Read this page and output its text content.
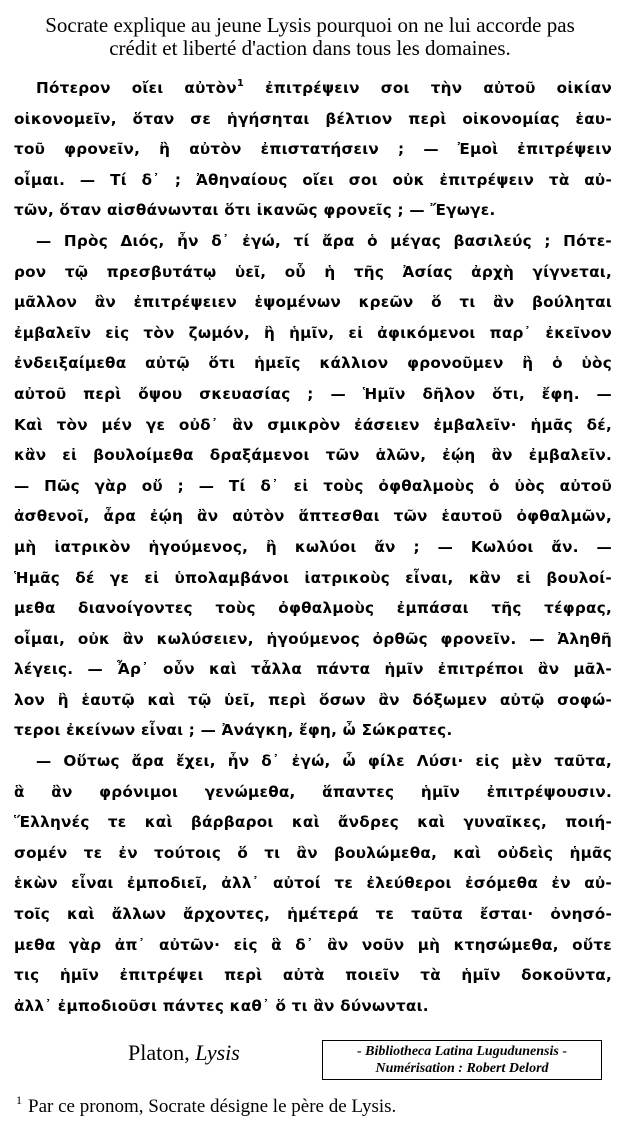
Socrate explique au jeune Lysis pourquoi on ne lui accorde pas
crédit et liberté d'action dans tous les domaines.
Πότερον οἴει αὐτὸν$^1$ ἐπιτρέψειν σοι τὴν αὐτοῦ οἰκίαν
οἰκονομεῖν, ὅταν σε ἡγήσηται βέλτιον περὶ οἰκονομίας ἑαυ-
τοῦ φρονεῖν, ἢ αὐτὸν ἐπιστατήσειν ; — Ἐμοὶ ἐπιτρέψειν
οἶμαι. — Τί δ᾽ ; Ἀθηναίους οἴει σοι οὐκ ἐπιτρέψειν τὰ αὐ-
τῶν, ὅταν αἰσθάνωνται ὅτι ἱκανῶς φρονεῖς ; — Ἔγωγε.
— Πρὸς Διός, ἦν δ᾽ ἐγώ, τί ἄρα ὁ μέγας βασιλεύς ; Πότε-
ρον τῷ πρεσβυτάτῳ ὑεῖ, οὗ ἡ τῆς Ἀσίας ἀρχὴ γίγνεται,
μᾶλλον ἂν ἐπιτρέψειεν ἑψομένων κρεῶν ὅ τι ἂν βούληται
ἐμβαλεῖν εἰς τὸν ζωμόν, ἢ ἡμῖν, εἰ ἀφικόμενοι παρ᾽ ἐκεῖνον
ἐνδειξαίμεθα αὐτῷ ὅτι ἡμεῖς κάλλιον φρονοῦμεν ἢ ὁ ὑὸς
αὐτοῦ περὶ ὄψου σκευασίας ; — Ἡμῖν δῆλον ὅτι, ἔφη. —
Καὶ τὸν μέν γε οὐδ᾽ ἂν σμικρὸν ἐάσειεν ἐμβαλεῖν· ἡμᾶς δέ,
κἂν εἰ βουλοίμεθα δραξάμενοι τῶν ἁλῶν, ἐῴη ἂν ἐμβαλεῖν.
— Πῶς γὰρ οὔ ; — Τί δ᾽ εἰ τοὺς ὀφθαλμοὺς ὁ ὑὸς αὐτοῦ
ἀσθενοῖ, ἆρα ἐῴη ἂν αὐτὸν ἅπτεσθαι τῶν ἑαυτοῦ ὀφθαλμῶν,
μὴ ἰατρικὸν ἡγούμενος, ἢ κωλύοι ἄν ; — Κωλύοι ἄν. —
Ἡμᾶς δέ γε εἰ ὑπολαμβάνοι ἰατρικοὺς εἶναι, κἂν εἰ βουλοί-
μεθα διανοίγοντες τοὺς ὀφθαλμοὺς ἐμπάσαι τῆς τέφρας,
οἶμαι, οὐκ ἂν κωλύσειεν, ἡγούμενος ὀρθῶς φρονεῖν. — Ἀληθῆ
λέγεις. — Ἆρ᾽ οὖν καὶ τἆλλα πάντα ἡμῖν ἐπιτρέποι ἂν μᾶλ-
λον ἢ ἑαυτῷ καὶ τῷ ὑεῖ, περὶ ὅσων ἂν δόξωμεν αὐτῷ σοφώ-
τεροι ἐκείνων εἶναι ; — Ἀνάγκη, ἔφη, ὦ Σώκρατες.
— Οὕτως ἄρα ἔχει, ἦν δ᾽ ἐγώ, ὦ φίλε Λύσι· εἰς μὲν ταῦτα,
ἃ ἂν φρόνιμοι γενώμεθα, ἅπαντες ἡμῖν ἐπιτρέψουσιν.
Ἕλληνές τε καὶ βάρβαροι καὶ ἄνδρες καὶ γυναῖκες, ποιή-
σομέν τε ἐν τούτοις ὅ τι ἂν βουλώμεθα, καὶ οὐδεὶς ἡμᾶς
ἑκὼν εἶναι ἐμποδιεῖ, ἀλλ᾽ αὐτοί τε ἐλεύθεροι ἐσόμεθα ἐν αὐ-
τοῖς καὶ ἄλλων ἄρχοντες, ἡμέτερά τε ταῦτα ἔσται· ὀνησό-
μεθα γὰρ ἀπ᾽ αὐτῶν· εἰς ἃ δ᾽ ἂν νοῦν μὴ κτησώμεθα, οὔτε
τις ἡμῖν ἐπιτρέψει περὶ αὐτὰ ποιεῖν τὰ ἡμῖν δοκοῦντα,
ἀλλ᾽ ἐμποδιοῦσι πάντες καθ᾽ ὅ τι ἂν δύνωνται.
Platon, Lysis	- Bibliotheca Latina Lugudunensis -
Numérisation : Robert Delord
$^1$ Par ce pronom, Socrate désigne le père de Lysis.
